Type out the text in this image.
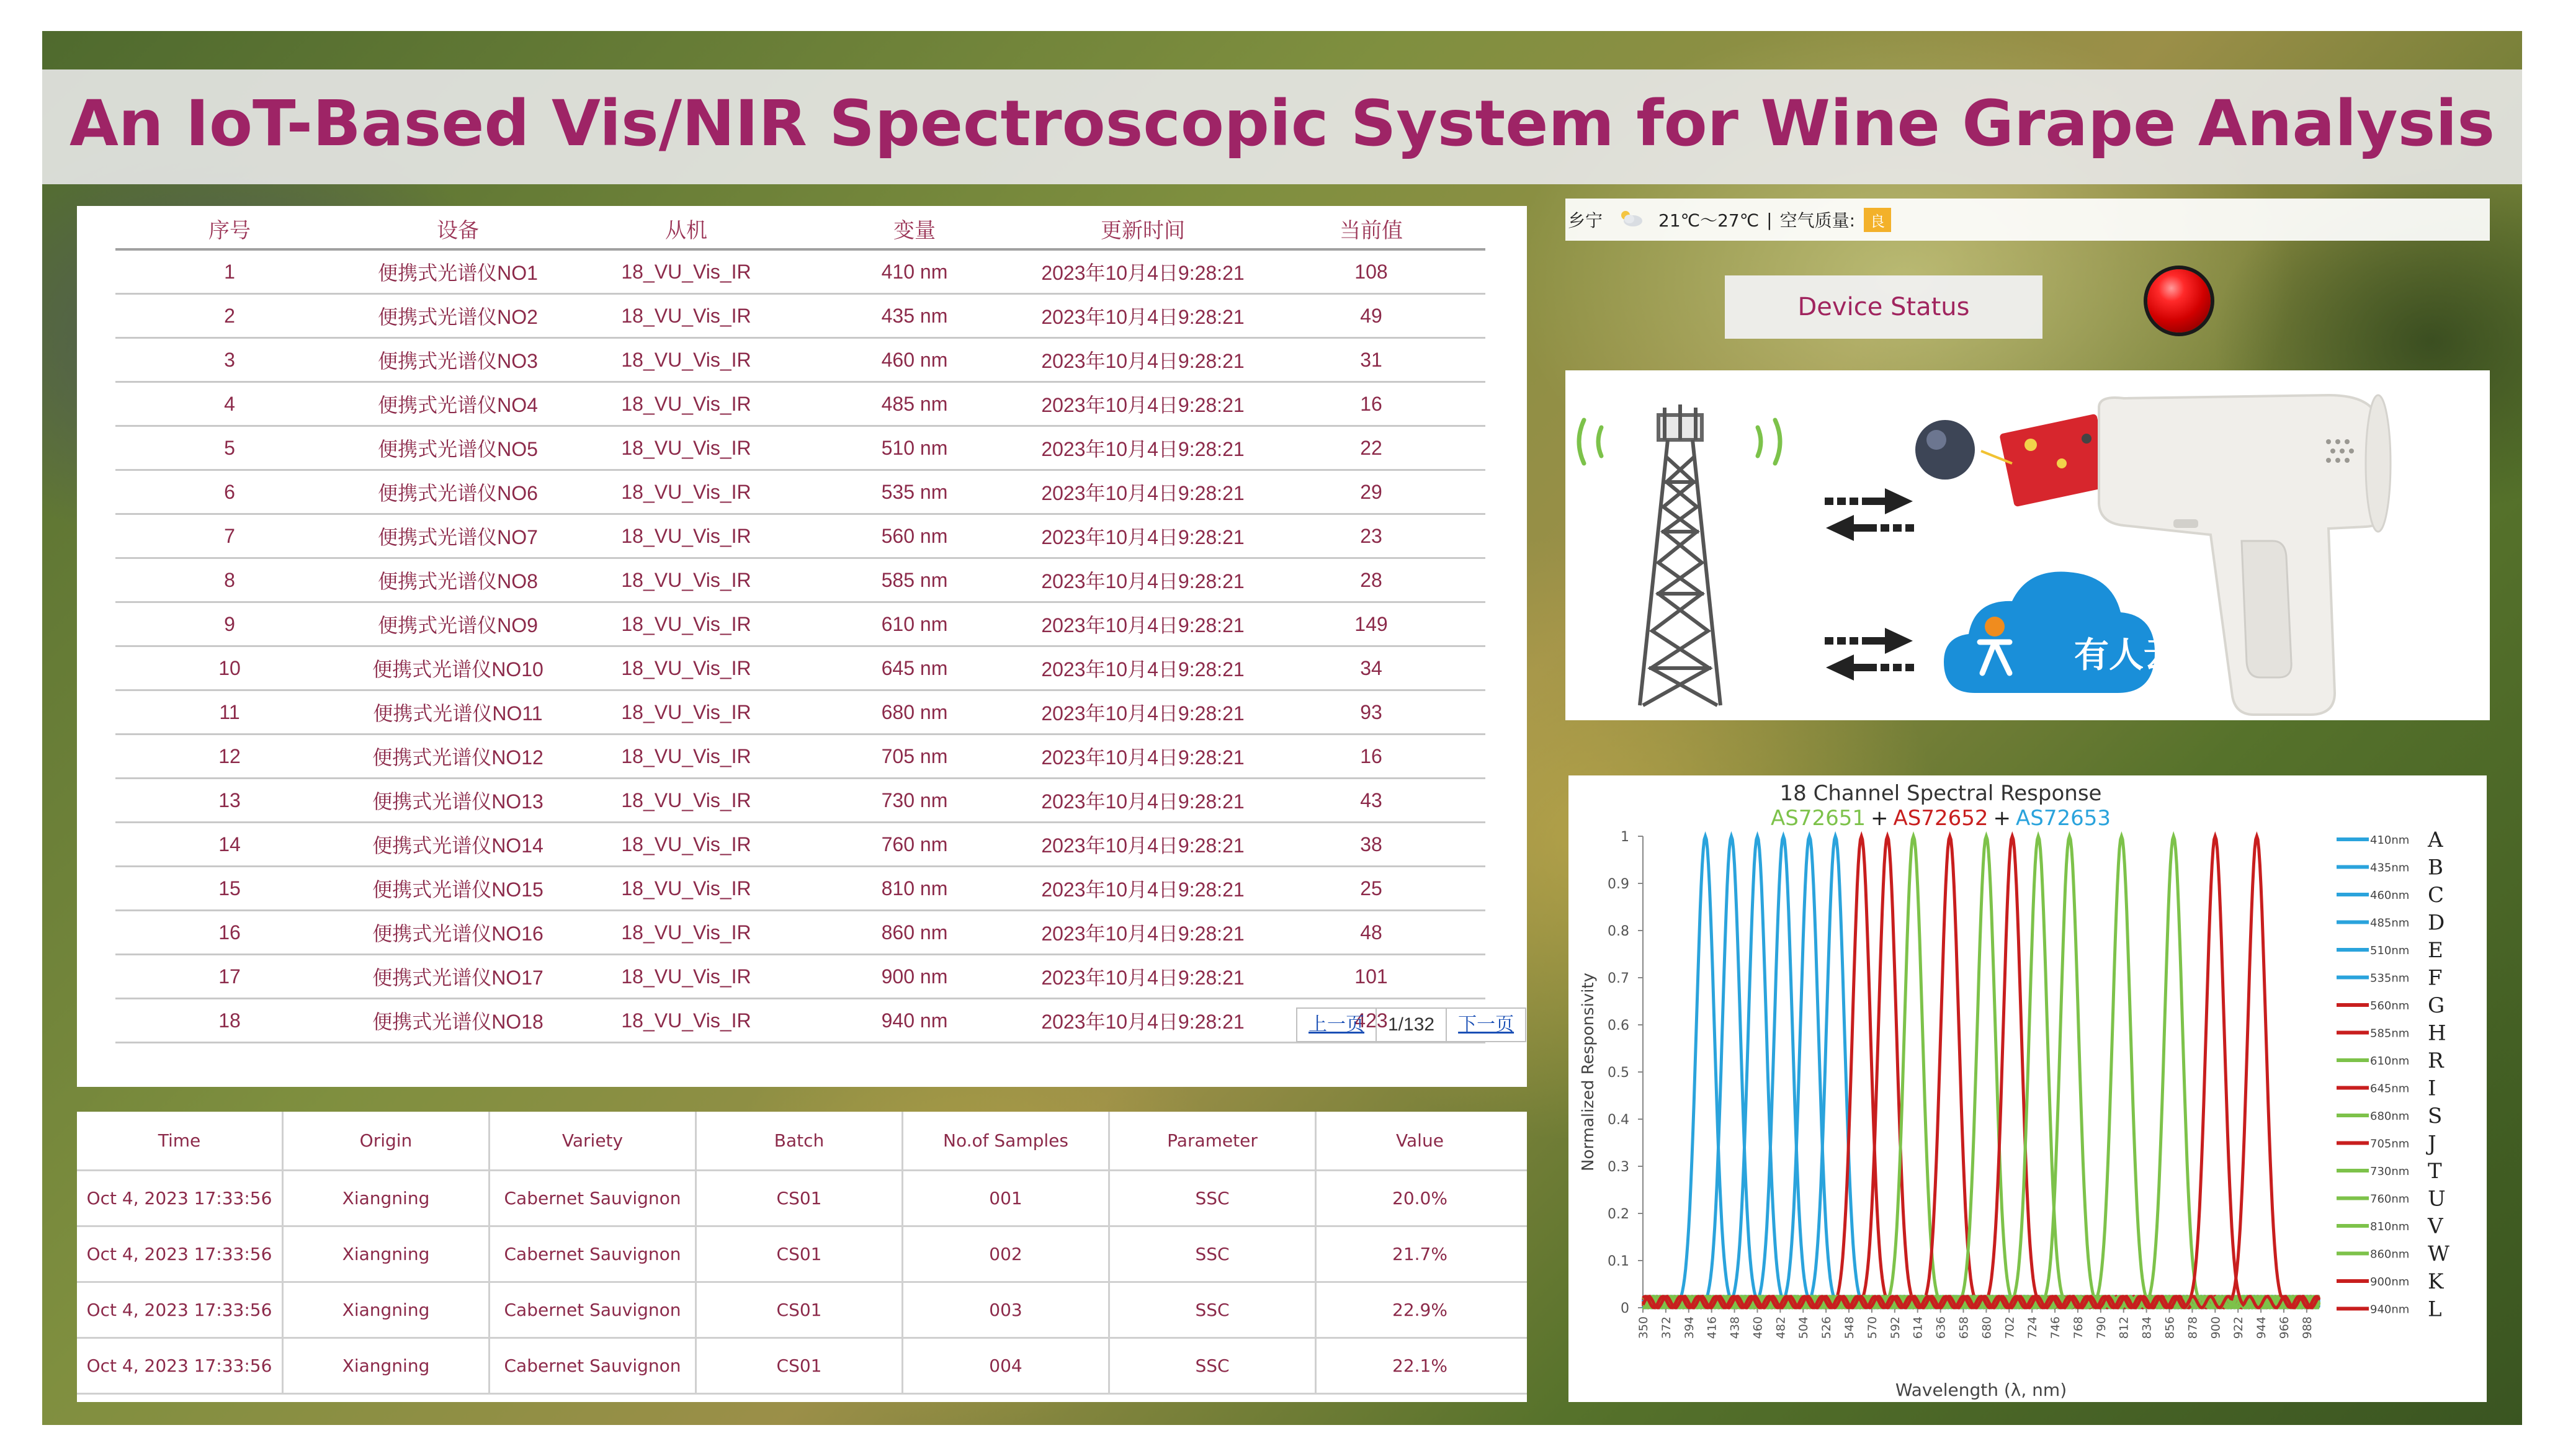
An IoT-Based Vis/NIR Spectroscopic System for Wine Grape Analysis
序号	设备	从机	变量	更新时间	当前值
1	便携式光谱仪NO1	18_VU_Vis_IR	410 nm	2023年10月4日9:28:21	108
2	便携式光谱仪NO2	18_VU_Vis_IR	435 nm	2023年10月4日9:28:21	49
3	便携式光谱仪NO3	18_VU_Vis_IR	460 nm	2023年10月4日9:28:21	31
4	便携式光谱仪NO4	18_VU_Vis_IR	485 nm	2023年10月4日9:28:21	16
5	便携式光谱仪NO5	18_VU_Vis_IR	510 nm	2023年10月4日9:28:21	22
6	便携式光谱仪NO6	18_VU_Vis_IR	535 nm	2023年10月4日9:28:21	29
7	便携式光谱仪NO7	18_VU_Vis_IR	560 nm	2023年10月4日9:28:21	23
8	便携式光谱仪NO8	18_VU_Vis_IR	585 nm	2023年10月4日9:28:21	28
9	便携式光谱仪NO9	18_VU_Vis_IR	610 nm	2023年10月4日9:28:21	149
10	便携式光谱仪NO10	18_VU_Vis_IR	645 nm	2023年10月4日9:28:21	34
11	便携式光谱仪NO11	18_VU_Vis_IR	680 nm	2023年10月4日9:28:21	93
12	便携式光谱仪NO12	18_VU_Vis_IR	705 nm	2023年10月4日9:28:21	16
13	便携式光谱仪NO13	18_VU_Vis_IR	730 nm	2023年10月4日9:28:21	43
14	便携式光谱仪NO14	18_VU_Vis_IR	760 nm	2023年10月4日9:28:21	38
15	便携式光谱仪NO15	18_VU_Vis_IR	810 nm	2023年10月4日9:28:21	25
16	便携式光谱仪NO16	18_VU_Vis_IR	860 nm	2023年10月4日9:28:21	48
17	便携式光谱仪NO17	18_VU_Vis_IR	900 nm	2023年10月4日9:28:21	101
18	便携式光谱仪NO18	18_VU_Vis_IR	940 nm	2023年10月4日9:28:21	423
上一页	1/132	下一页
Time	Origin	Variety	Batch	No.of Samples	Parameter	Value
Oct 4, 2023 17:33:56	Xiangning	Cabernet Sauvignon	CS01	001	SSC	20.0%
Oct 4, 2023 17:33:56	Xiangning	Cabernet Sauvignon	CS01	002	SSC	21.7%
Oct 4, 2023 17:33:56	Xiangning	Cabernet Sauvignon	CS01	003	SSC	22.9%
Oct 4, 2023 17:33:56	Xiangning	Cabernet Sauvignon	CS01	004	SSC	22.1%
乡宁	21℃～27℃ | 空气质量:	良
Device Status
有人云
18 Channel Spectral Response
AS72651 + AS72652 + AS72653
0
0.1
0.2
0.3
0.4
0.5
0.6
0.7
0.8
0.9
1
350 372 394 416 438 460 482 504 526 548 570 592 614 636 658 680 702 724 746 768 790 812 834 856 878 900 922 944 966 988
Wavelength (λ, nm)
Normalized Responsivity
410nm A
435nm B
460nm C
485nm D
510nm E
535nm F
560nm G
585nm H
610nm R
645nm I
680nm S
705nm J
730nm T
760nm U
810nm V
860nm W
900nm K
940nm L
